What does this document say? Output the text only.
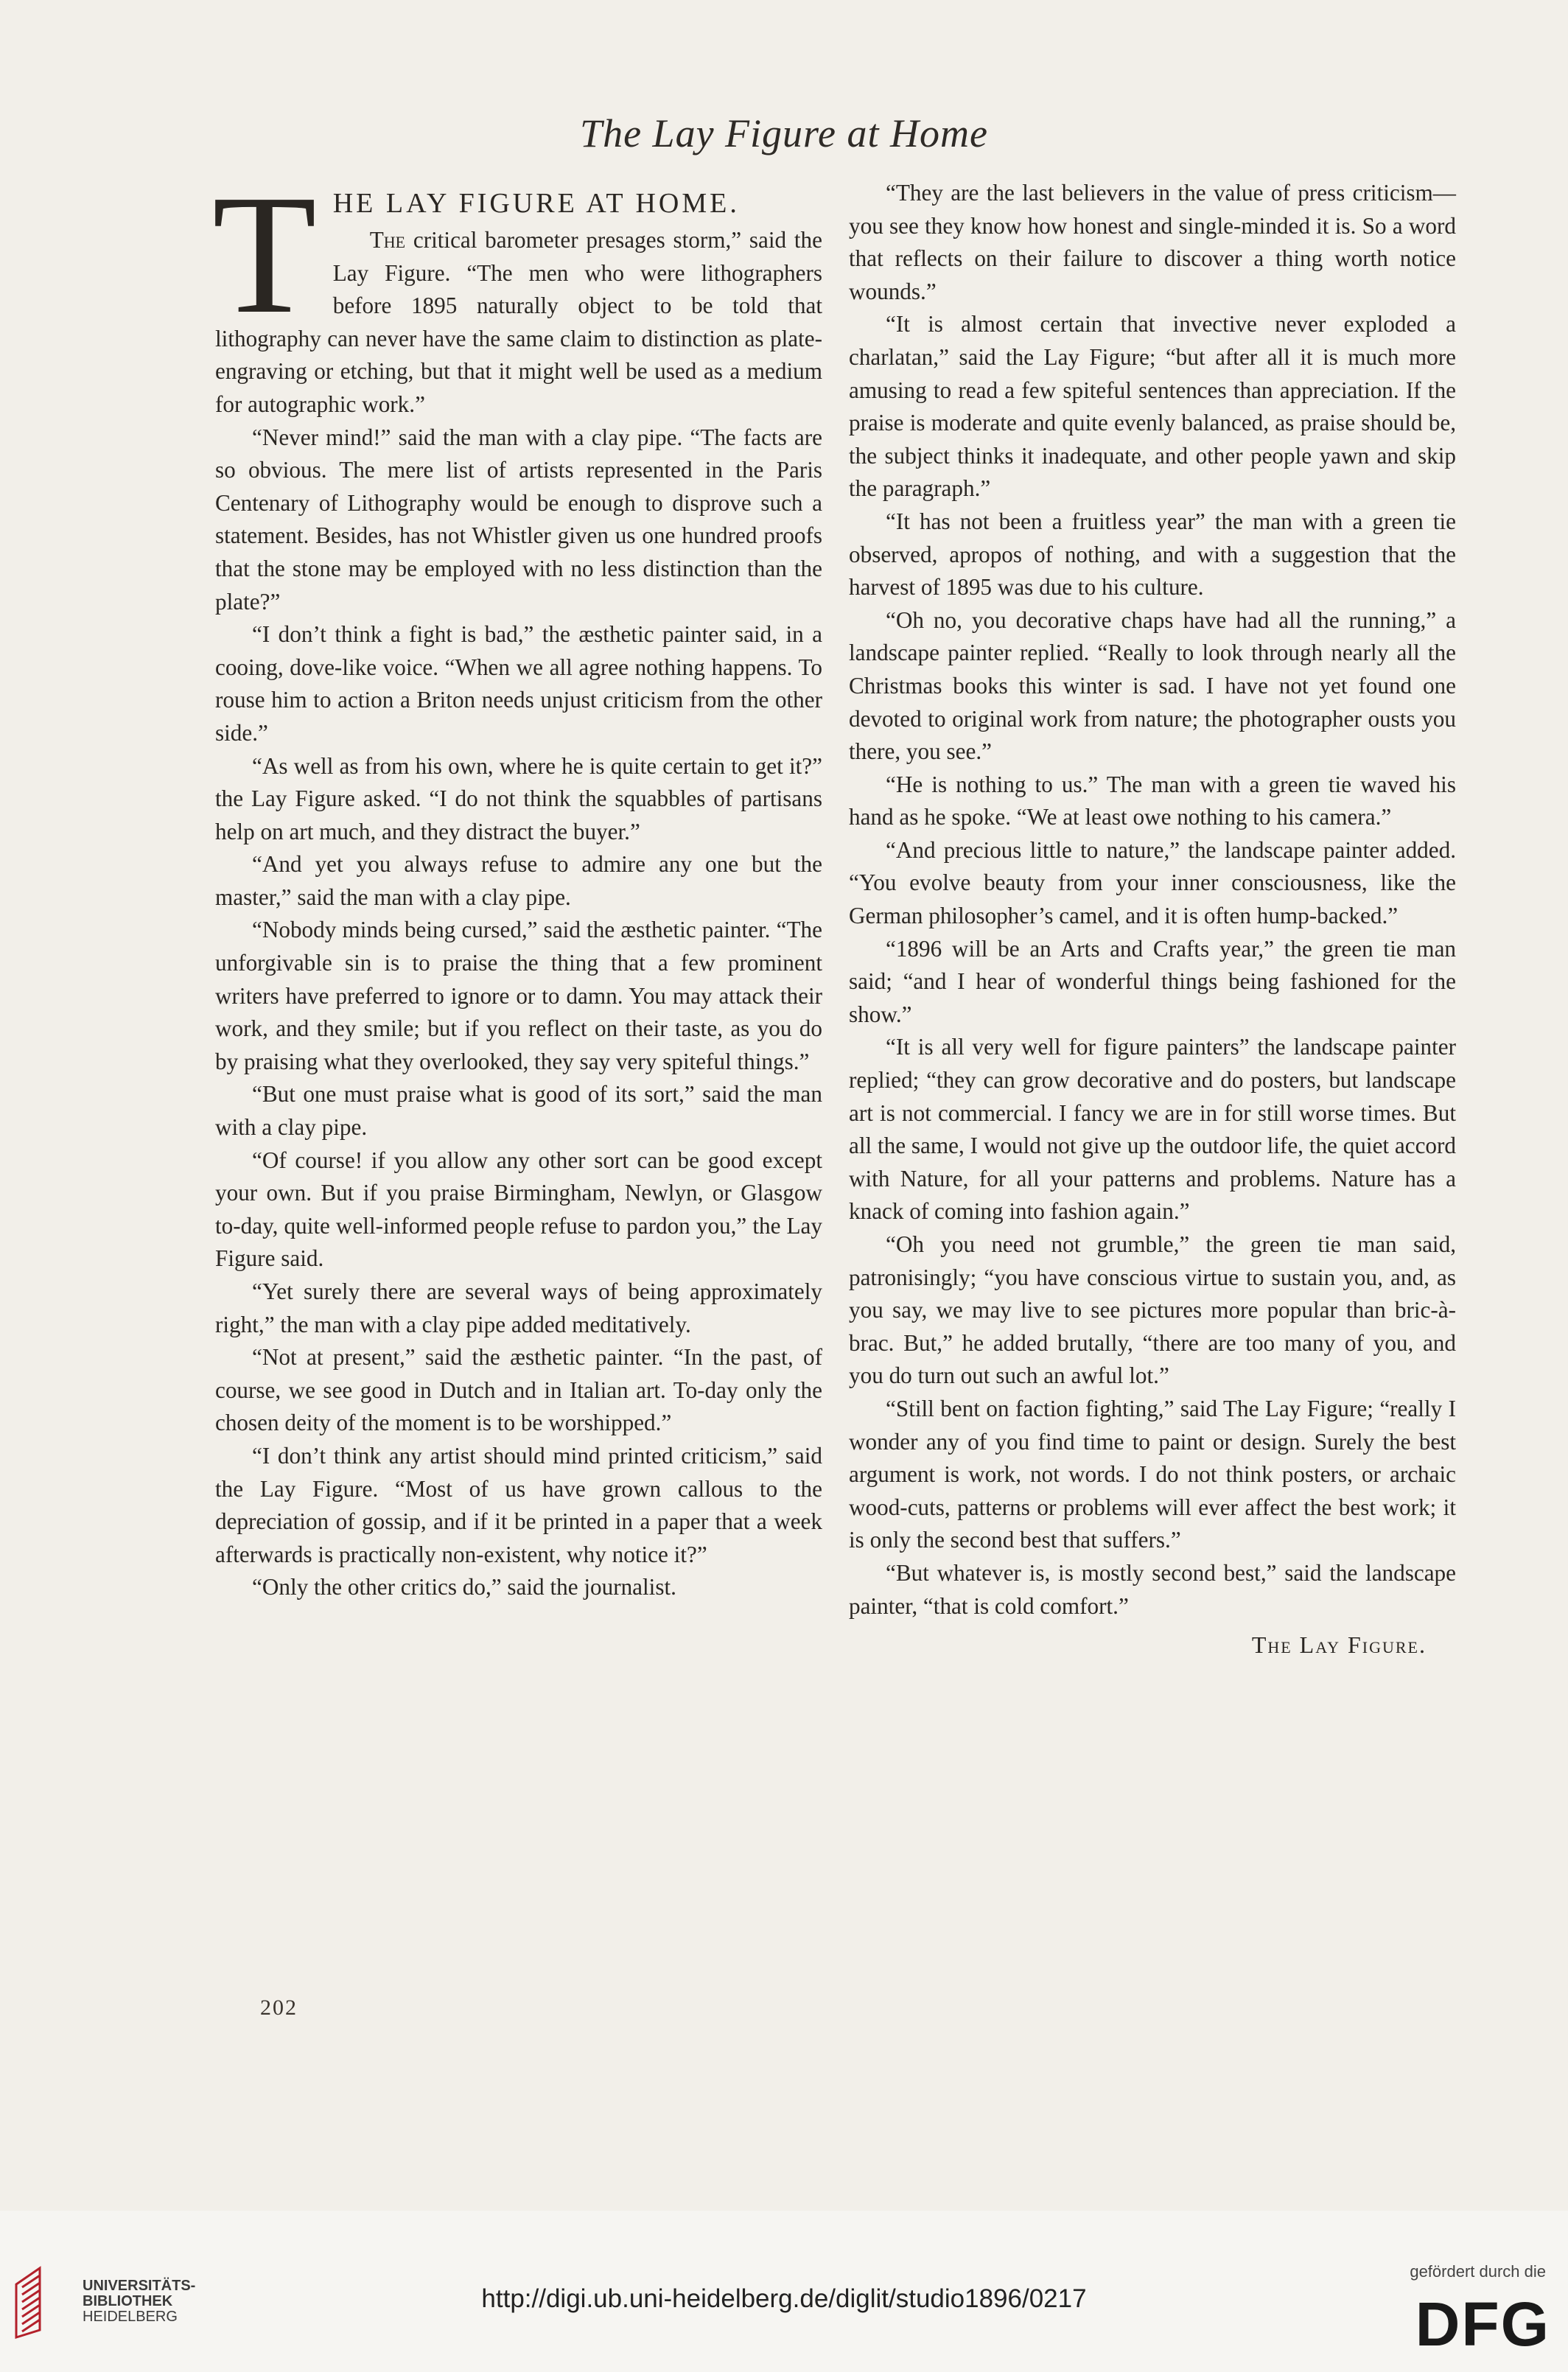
The Lay Figure at Home
T HE LAY FIGURE AT HOME.

The critical barometer presages storm,” said the Lay Figure. “The men who were lithographers before 1895 naturally object to be told that lithography can never have the same claim to distinction as plate-engraving or etching, but that it might well be used as a medium for autographic work.”

“Never mind!” said the man with a clay pipe. “The facts are so obvious. The mere list of artists represented in the Paris Centenary of Lithography would be enough to disprove such a statement. Besides, has not Whistler given us one hundred proofs that the stone may be employed with no less distinction than the plate?”

“I don’t think a fight is bad,” the æsthetic painter said, in a cooing, dove-like voice. “When we all agree nothing happens. To rouse him to action a Briton needs unjust criticism from the other side.”

“As well as from his own, where he is quite certain to get it?” the Lay Figure asked. “I do not think the squabbles of partisans help on art much, and they distract the buyer.”

“And yet you always refuse to admire any one but the master,” said the man with a clay pipe.

“Nobody minds being cursed,” said the æsthetic painter. “The unforgivable sin is to praise the thing that a few prominent writers have preferred to ignore or to damn. You may attack their work, and they smile; but if you reflect on their taste, as you do by praising what they overlooked, they say very spiteful things.”

“But one must praise what is good of its sort,” said the man with a clay pipe.

“Of course! if you allow any other sort can be good except your own. But if you praise Birmingham, Newlyn, or Glasgow to-day, quite well-informed people refuse to pardon you,” the Lay Figure said.

“Yet surely there are several ways of being approximately right,” the man with a clay pipe added meditatively.

“Not at present,” said the æsthetic painter. “In the past, of course, we see good in Dutch and in Italian art. To-day only the chosen deity of the moment is to be worshipped.”

“I don’t think any artist should mind printed criticism,” said the Lay Figure. “Most of us have grown callous to the depreciation of gossip, and if it be printed in a paper that a week afterwards is practically non-existent, why notice it?”

“Only the other critics do,” said the journalist.

“They are the last believers in the value of press criticism—you see they know how honest and single-minded it is. So a word that reflects on their failure to discover a thing worth notice wounds.”

“It is almost certain that invective never exploded a charlatan,” said the Lay Figure; “but after all it is much more amusing to read a few spiteful sentences than appreciation. If the praise is moderate and quite evenly balanced, as praise should be, the subject thinks it inadequate, and other people yawn and skip the paragraph.”

“It has not been a fruitless year” the man with a green tie observed, apropos of nothing, and with a suggestion that the harvest of 1895 was due to his culture.

“Oh no, you decorative chaps have had all the running,” a landscape painter replied. “Really to look through nearly all the Christmas books this winter is sad. I have not yet found one devoted to original work from nature; the photographer ousts you there, you see.”

“He is nothing to us.” The man with a green tie waved his hand as he spoke. “We at least owe nothing to his camera.”

“And precious little to nature,” the landscape painter added. “You evolve beauty from your inner consciousness, like the German philosopher’s camel, and it is often hump-backed.”

“1896 will be an Arts and Crafts year,” the green tie man said; “and I hear of wonderful things being fashioned for the show.”

“It is all very well for figure painters” the landscape painter replied; “they can grow decorative and do posters, but landscape art is not commercial. I fancy we are in for still worse times. But all the same, I would not give up the outdoor life, the quiet accord with Nature, for all your patterns and problems. Nature has a knack of coming into fashion again.”

“Oh you need not grumble,” the green tie man said, patronisingly; “you have conscious virtue to sustain you, and, as you say, we may live to see pictures more popular than bric-à-brac. But,” he added brutally, “there are too many of you, and you do turn out such an awful lot.”

“Still bent on faction fighting,” said The Lay Figure; “really I wonder any of you find time to paint or design. Surely the best argument is work, not words. I do not think posters, or archaic wood-cuts, patterns or problems will ever affect the best work; it is only the second best that suffers.”

“But whatever is, is mostly second best,” said the landscape painter, “that is cold comfort.”

The Lay Figure.
202
UNIVERSITÄTS-
BIBLIOTHEK
HEIDELBERG
http://digi.ub.uni-heidelberg.de/diglit/studio1896/0217
gefördert durch die
DFG
